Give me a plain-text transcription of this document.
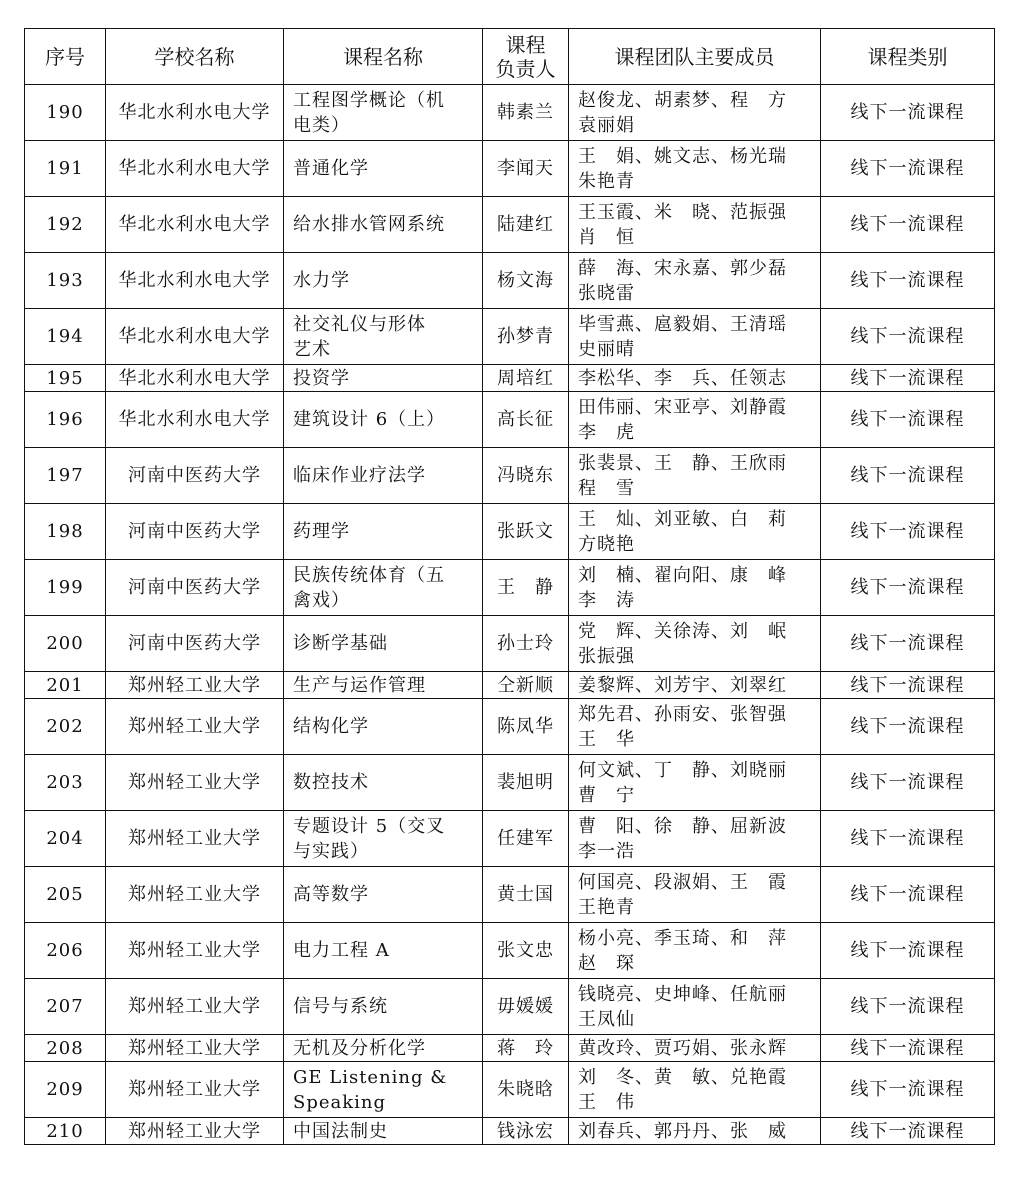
序号	学校名称	课程名称	课程
负责人	课程团队主要成员	课程类别

190	华北水利水电大学	工程图学概论（机
电类）	韩素兰	赵俊龙、胡素梦、程　方
袁丽娟	线下一流课程

191	华北水利水电大学	普通化学	李闻天	王　娟、姚文志、杨光瑞
朱艳青	线下一流课程

192	华北水利水电大学	给水排水管网系统	陆建红	王玉霞、米　晓、范振强
肖　恒	线下一流课程

193	华北水利水电大学	水力学	杨文海	薛　海、宋永嘉、郭少磊
张晓雷	线下一流课程

194	华北水利水电大学	社交礼仪与形体
艺术	孙梦青	毕雪燕、扈毅娟、王清瑶
史丽晴	线下一流课程

195	华北水利水电大学	投资学	周培红	李松华、李　兵、任领志	线下一流课程

196	华北水利水电大学	建筑设计 6（上）	高长征	田伟丽、宋亚亭、刘静霞
李　虎	线下一流课程

197	河南中医药大学	临床作业疗法学	冯晓东	张裴景、王　静、王欣雨
程　雪	线下一流课程

198	河南中医药大学	药理学	张跃文	王　灿、刘亚敏、白　莉
方晓艳	线下一流课程

199	河南中医药大学	民族传统体育（五
禽戏）	王　静	刘　楠、翟向阳、康　峰
李　涛	线下一流课程

200	河南中医药大学	诊断学基础	孙士玲	党　辉、关徐涛、刘　岷
张振强	线下一流课程

201	郑州轻工业大学	生产与运作管理	仝新顺	姜黎辉、刘芳宇、刘翠红	线下一流课程

202	郑州轻工业大学	结构化学	陈凤华	郑先君、孙雨安、张智强
王　华	线下一流课程

203	郑州轻工业大学	数控技术	裴旭明	何文斌、丁　静、刘晓丽
曹　宁	线下一流课程

204	郑州轻工业大学	专题设计 5（交叉
与实践）	任建军	曹　阳、徐　静、屈新波
李一浩	线下一流课程

205	郑州轻工业大学	高等数学	黄士国	何国亮、段淑娟、王　霞
王艳青	线下一流课程

206	郑州轻工业大学	电力工程 A	张文忠	杨小亮、季玉琦、和　萍
赵　琛	线下一流课程

207	郑州轻工业大学	信号与系统	毋媛媛	钱晓亮、史坤峰、任航丽
王凤仙	线下一流课程

208	郑州轻工业大学	无机及分析化学	蒋　玲	黄改玲、贾巧娟、张永辉	线下一流课程

209	郑州轻工业大学	GE Listening &
Speaking	朱晓晗	刘　冬、黄　敏、兑艳霞
王　伟	线下一流课程

210	郑州轻工业大学	中国法制史	钱泳宏	刘春兵、郭丹丹、张　威	线下一流课程
